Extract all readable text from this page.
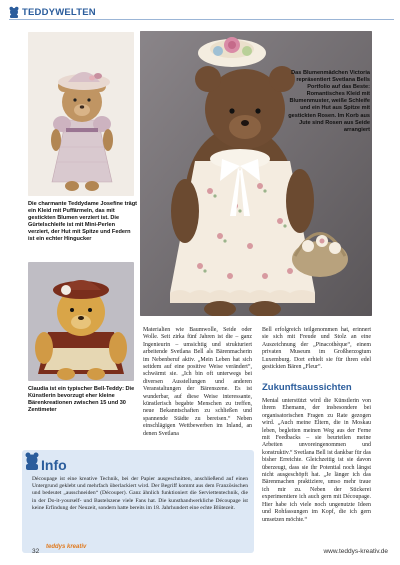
TEDDYWELTEN
Das Blumenmädchen Victoria repräsentiert Svetlana Bells Portfolio auf das Beste: Romantisches Kleid mit Blumenmuster, weiße Schleife und ein Hut aus Spitze mit gestickten Rosen. Im Korb aus Jute sind Rosen aus Seide arrangiert
Die charmante Teddydame Josefine trägt ein Kleid mit Puffärmeln, das mit gestickten Blumen verziert ist. Die Gürtelschleife ist mit Mini-Perlen verziert, der Hut mit Spitze und Federn ist ein echter Hingucker
Claudia ist ein typischer Bell-Teddy: Die Künstlerin bevorzugt eher kleine Bärenkreationen zwischen 15 und 30 Zentimeter

Materialien wie Baumwolle, Seide oder Wolle. Seit zirka fünf Jahren ist die – ganz Ingenieurin – umsichtig und strukturiert arbeitende Svetlana Bell als Bärenmacherin im Nebenberuf aktiv. „Mein Leben hat sich seitdem auf eine positive Weise verändert“, schwärmt sie. „Ich bin oft unterwegs bei diversen Ausstellungen und anderen Veranstaltungen der Bärenszene. Es ist wunderbar, auf diese Weise interessante, künstlerisch begabte Menschen zu treffen, neue Bekanntschaften zu schließen und spannende Städte zu bereisen.“ Neben einschlägigen Wettbewerben im Inland, an denen Svetlana

Bell erfolgreich teilgenommen hat, erinnert sie sich mit Freude und Stolz an eine Auszeichnung der „Pinacothèque“, einem privaten Museum im Großherzogtum Luxemburg. Dort erhielt sie für ihren edel gestickten Bären „Fleur“.

Zukunftsaussichten

Mental unterstützt wird die Künstlerin von ihrem Ehemann, der insbesondere bei organisatorischen Fragen zu Rate gezogen wird. „Auch meine Eltern, die in Moskau leben, begleiten meinen Weg aus der Ferne mit Feedbacks – sie beurteilen meine Arbeiten unvoreingenommen und konstruktiv.“ Svetlana Bell ist dankbar für das bisher Erreichte. Gleichzeitig ist sie davon überzeugt, dass sie ihr Potential noch längst nicht ausgeschöpft hat. „Je länger ich das Bärenmachen praktiziere, umso mehr traue ich mir zu. Neben der Stickerei experimentiere ich auch gern mit Découpage. Hier habe ich viele noch ungenutzte Ideen und Rohfassungen im Kopf, die ich gern umsetzen möchte.“

Info
Découpage ist eine kreative Technik, bei der Papier ausgeschnitten, anschließend auf einen Untergrund geklebt und mehrfach überlackiert wird. Der Begriff kommt aus dem Französischen und bedeutet „ausschneiden“ (Découper). Ganz ähnlich funktioniert die Serviettentechnik, die in der Do-it-yourself- und Bastelszene viele Fans hat. Die kunsthandwerkliche Découpage ist keine Erfindung der Neuzeit, sondern hatte bereits im 18. Jahrhundert eine echte Blütezeit.
32
teddys kreativ
www.teddys-kreativ.de
